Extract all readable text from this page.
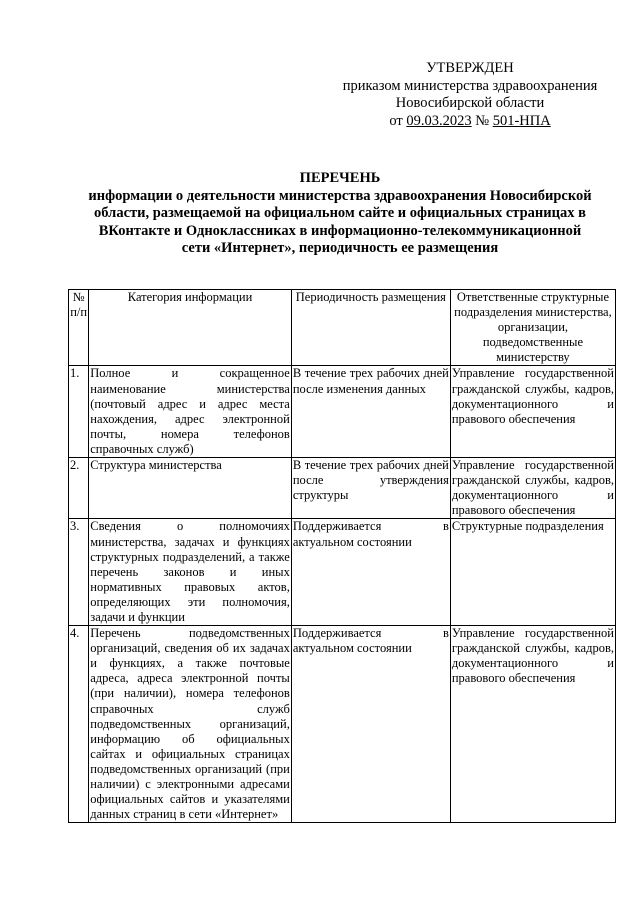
УТВЕРЖДЕН
приказом министерства здравоохранения
Новосибирской области
от 09.03.2023 № 501-НПА
ПЕРЕЧЕНЬ
информации о деятельности министерства здравоохранения Новосибирской
области, размещаемой на официальном сайте и официальных страницах в
ВКонтакте и Одноклассниках в информационно-телекоммуникационной
сети «Интернет», периодичность ее размещения
№ п/п	Категория информации	Периодичность размещения	Ответственные структурные подразделения министерства, организации, подведомственные министерству
1.	Полное и сокращенное наименование министерства (почтовый адрес и адрес места нахождения, адрес электронной почты, номера телефонов справочных служб)	В течение трех рабочих дней после изменения данных	Управление государственной гражданской службы, кадров, документационного и правового обеспечения
2.	Структура министерства	В течение трех рабочих дней после утверждения структуры	Управление государственной гражданской службы, кадров, документационного и правового обеспечения
3.	Сведения о полномочиях министерства, задачах и функциях структурных подразделений, а также перечень законов и иных нормативных правовых актов, определяющих эти полномочия, задачи и функции	Поддерживается в актуальном состоянии	Структурные подразделения
4.	Перечень подведомственных организаций, сведения об их задачах и функциях, а также почтовые адреса, адреса электронной почты (при наличии), номера телефонов справочных служб подведомственных организаций, информацию об официальных сайтах и официальных страницах подведомственных организаций (при наличии) с электронными адресами официальных сайтов и указателями данных страниц в сети «Интернет»	Поддерживается в актуальном состоянии	Управление государственной гражданской службы, кадров, документационного и правового обеспечения
